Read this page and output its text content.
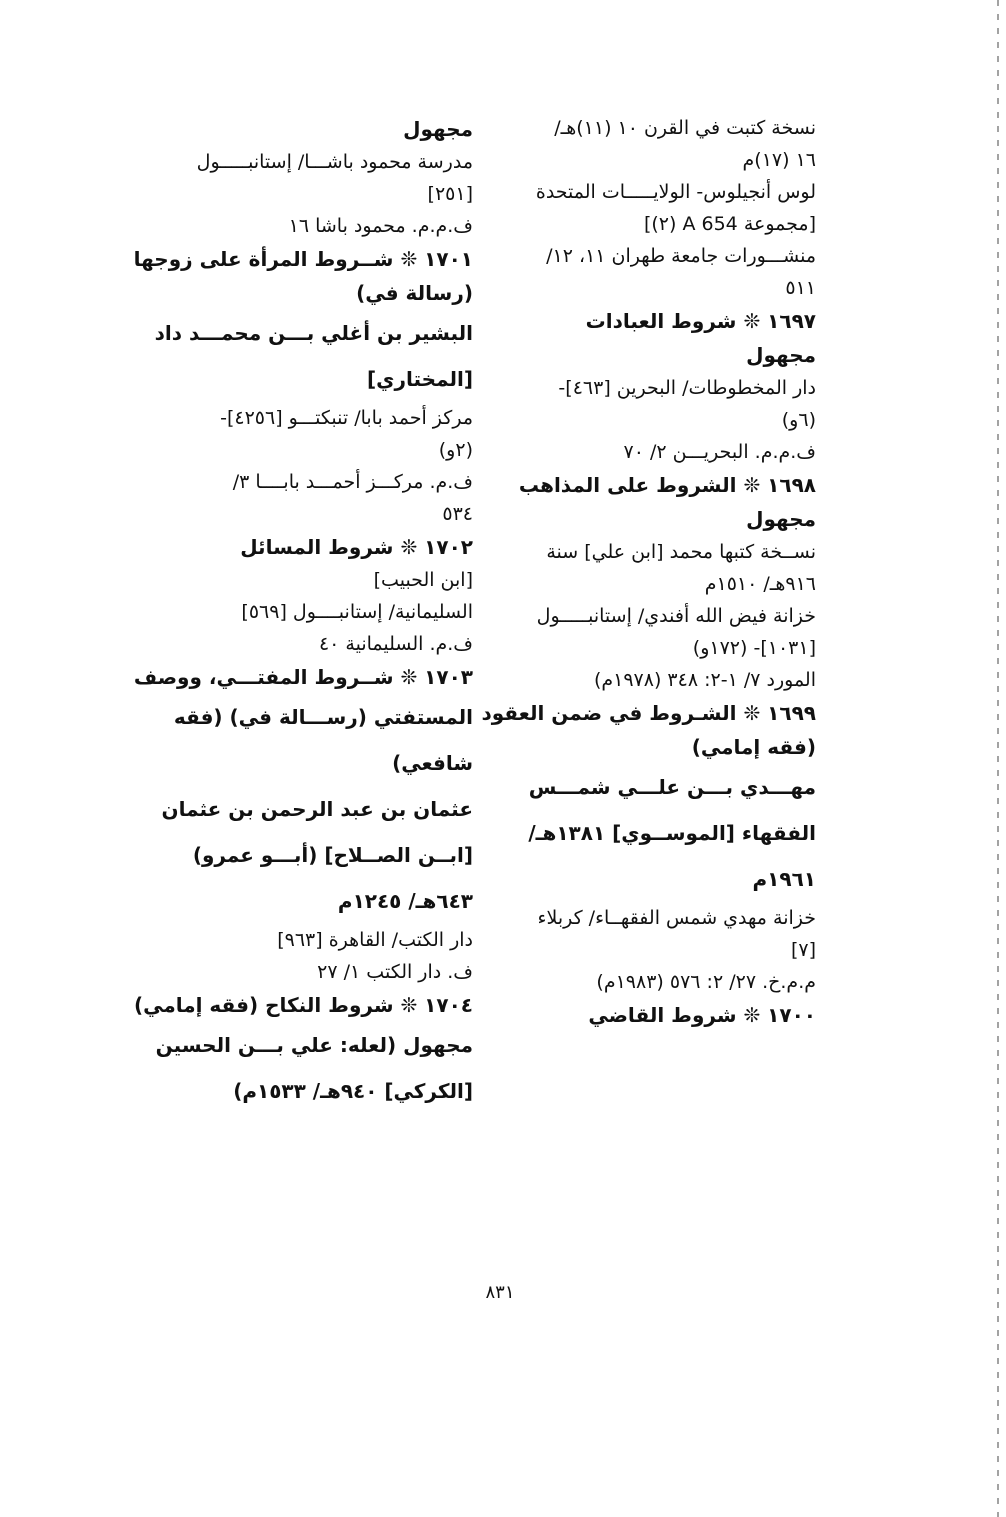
نسخة كتبت في القرن ١٠ (١١)هـ/
١٦ (١٧)م
لوس أنجيلوس- الولايـــــات المتحدة
[مجموعة A 654 (٢)]
منشـــورات جامعة طهران ١١، ١٢/
٥١١
١٦٩٧ ❊ شروط العبادات
مجهول
دار المخطوطات/ البحرين [٤٦٣]-
(٦و)
ف.م.م. البحريـــن ٢/ ٧٠
١٦٩٨ ❊ الشروط على المذاهب
مجهول
نســخة كتبها محمد [ابن علي] سنة
٩١٦هـ/ ١٥١٠م
خزانة فيض الله أفندي/ إستانبـــــول
[١٠٣١]- (١٧٢و)
المورد ٧/ ١-٢: ٣٤٨ (١٩٧٨م)
١٦٩٩ ❊ الشـروط في ضمن العقود
(فقه إمامي)
مهـــدي بـــن علـــي شمـــس
الفقهاء [الموســوي] ١٣٨١هـ/
١٩٦١م
خزانة مهدي شمس الفقهــاء/ كربلاء
[٧]
م.م.خ. ٢٧/ ٢: ٥٧٦ (١٩٨٣م)
١٧٠٠ ❊ شروط القاضي
مجهول
مدرسة محمود باشـــا/ إستانبـــــول
[٢٥١]
ف.م.م. محمود باشا ١٦
١٧٠١ ❊ شــروط المرأة على زوجها
(رسالة في)
البشير بن أغلي بـــن محمـــد داد
[المختاري]
مركز أحمد بابا/ تنبكتـــو [٤٢٥٦]-
(٢و)
ف.م. مركـــز أحمـــد بابــــا ٣/
٥٣٤
١٧٠٢ ❊ شروط المسائل
[ابن الحبيب]
السليمانية/ إستانبــــول [٥٦٩]
ف.م. السليمانية ٤٠
١٧٠٣ ❊ شــروط المفتـــي، ووصف
المستفتي (رســـالة في) (فقه
شافعي)
عثمان بن عبد الرحمن بن عثمان
[ابــن الصــلاح] (أبـــو عمرو)
٦٤٣هـ/ ١٢٤٥م
دار الكتب/ القاهرة [٩٦٣]
ف. دار الكتب ١/ ٢٧
١٧٠٤ ❊ شروط النكاح (فقه إمامي)
مجهول (لعله: علي بـــن الحسين
[الكركي] ٩٤٠هـ/ ١٥٣٣م)
٨٣١
